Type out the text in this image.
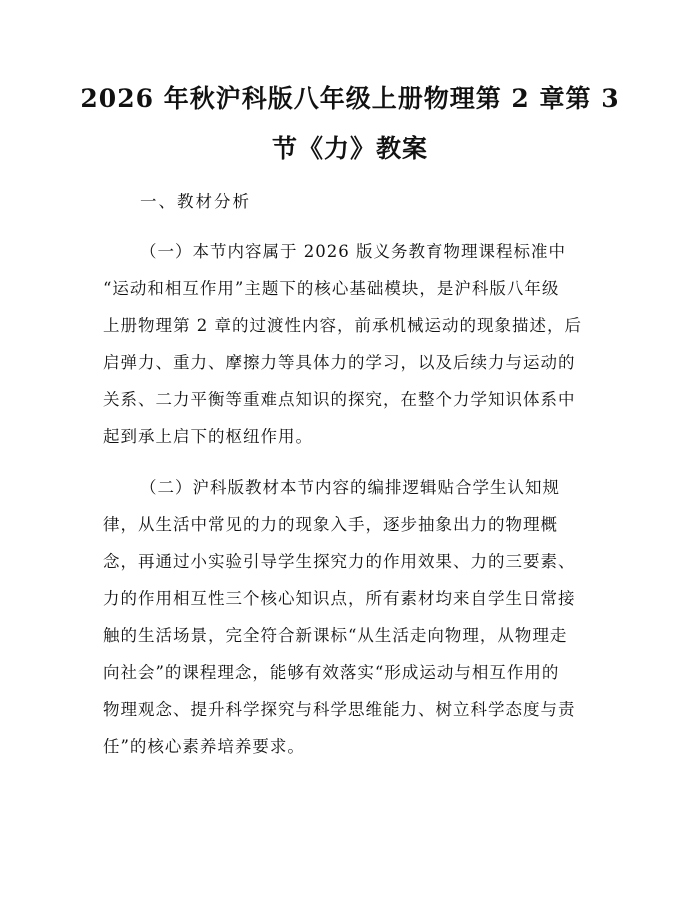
2026 年秋沪科版八年级上册物理第 2 章第 3
节《力》教案
一、教材分析
（一）本节内容属于 2026 版义务教育物理课程标准中
“运动和相互作用”主题下的核心基础模块，是沪科版八年级
上册物理第 2 章的过渡性内容，前承机械运动的现象描述，后
启弹力、重力、摩擦力等具体力的学习，以及后续力与运动的
关系、二力平衡等重难点知识的探究，在整个力学知识体系中
起到承上启下的枢纽作用。
（二）沪科版教材本节内容的编排逻辑贴合学生认知规
律，从生活中常见的力的现象入手，逐步抽象出力的物理概
念，再通过小实验引导学生探究力的作用效果、力的三要素、
力的作用相互性三个核心知识点，所有素材均来自学生日常接
触的生活场景，完全符合新课标“从生活走向物理，从物理走
向社会”的课程理念，能够有效落实“形成运动与相互作用的
物理观念、提升科学探究与科学思维能力、树立科学态度与责
任”的核心素养培养要求。
